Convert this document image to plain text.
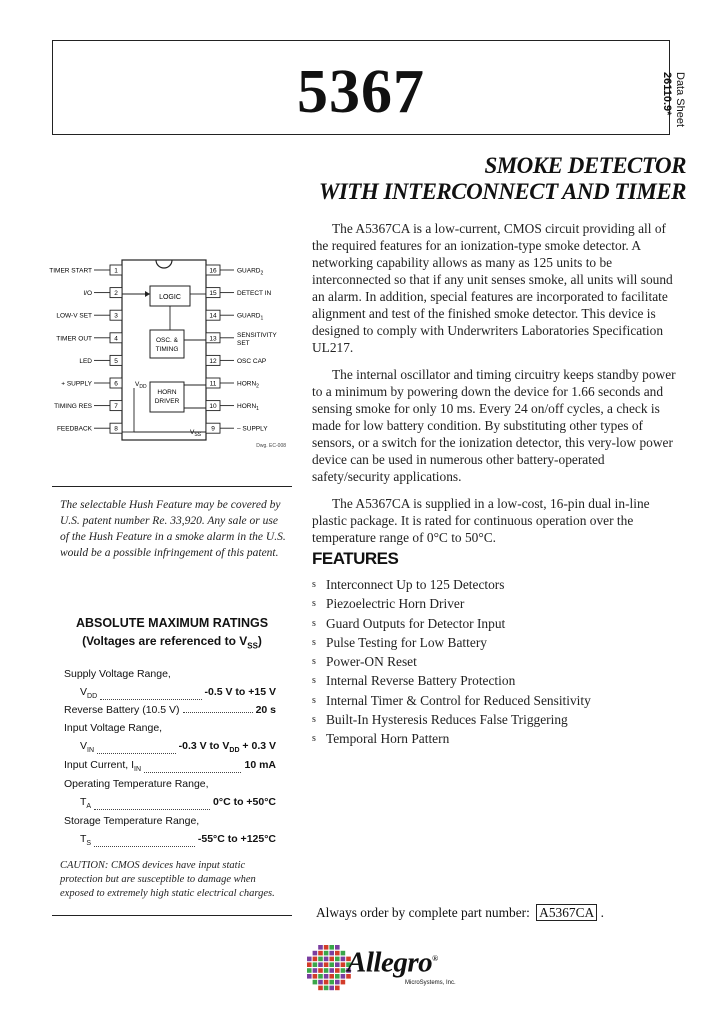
5367	Data Sheet
26110.9*
SMOKE DETECTOR
WITH INTERCONNECT AND TIMER
1
TIMER START
2
I/O
3
LOW-V SET
4
TIMER OUT
5
LED
6
+ SUPPLY
7
TIMING RES
8
FEEDBACK
16	$GUARD_2$
15	DETECT IN
14	$GUARD_1$
13	SENSITIVITY
SET
12	OSC CAP
11	$HORN_2$
10	$HORN_1$
9	– SUPPLY
LOGIC
OSC. &
TIMING
HORN
DRIVER
$V_{DD}$
$V_{SS}$
Dwg. EC-008
The selectable Hush Feature may be covered by U.S. patent number Re. 33,920. Any sale or use of the Hush Feature in a smoke alarm in the U.S. would be a possible infringement of this patent.
ABSOLUTE MAXIMUM RATINGS
(Voltages are referenced to $V_{SS}$)
Supply Voltage Range,
$V_{DD}$	-0.5 V to +15 V
Reverse Battery (10.5 V)	20 s
Input Voltage Range,
$V_{IN}$	-0.3 V to $V_{DD} + 0.3$ V
Input Current, $I_{IN}$	10 mA
Operating Temperature Range,
$T_A$	0°C to +50°C
Storage Temperature Range,
$T_S$	-55°C to +125°C
CAUTION: CMOS devices have input static protection but are susceptible to damage when exposed to extremely high static electrical charges.

The A5367CA is a low-current, CMOS circuit providing all of the required features for an ionization-type smoke detector. A networking capability allows as many as 125 units to be interconnected so that if any unit senses smoke, all units will sound an alarm. In addition, special features are incorporated to facilitate alignment and test of the finished smoke detector. This device is designed to comply with Underwriters Laboratories Specification UL217.

The internal oscillator and timing circuitry keeps standby power to a minimum by powering down the device for 1.66 seconds and sensing smoke for only 10 ms. Every 24 on/off cycles, a check is made for low battery condition. By substituting other types of sensors, or a switch for the ionization detector, this very-low power device can be used in numerous other battery-operated safety/security applications.

The A5367CA is supplied in a low-cost, 16-pin dual in-line plastic package. It is rated for continuous operation over the temperature range of 0°C to 50°C.

FEATURES
s Interconnect Up to 125 Detectors
s Piezoelectric Horn Driver
s Guard Outputs for Detector Input
s Pulse Testing for Low Battery
s Power-ON Reset
s Internal Reverse Battery Protection
s Internal Timer & Control for Reduced Sensitivity
s Built-In Hysteresis Reduces False Triggering
s Temporal Horn Pattern
Always order by complete part number: A5367CA .
Allegro®
MicroSystems, Inc.
